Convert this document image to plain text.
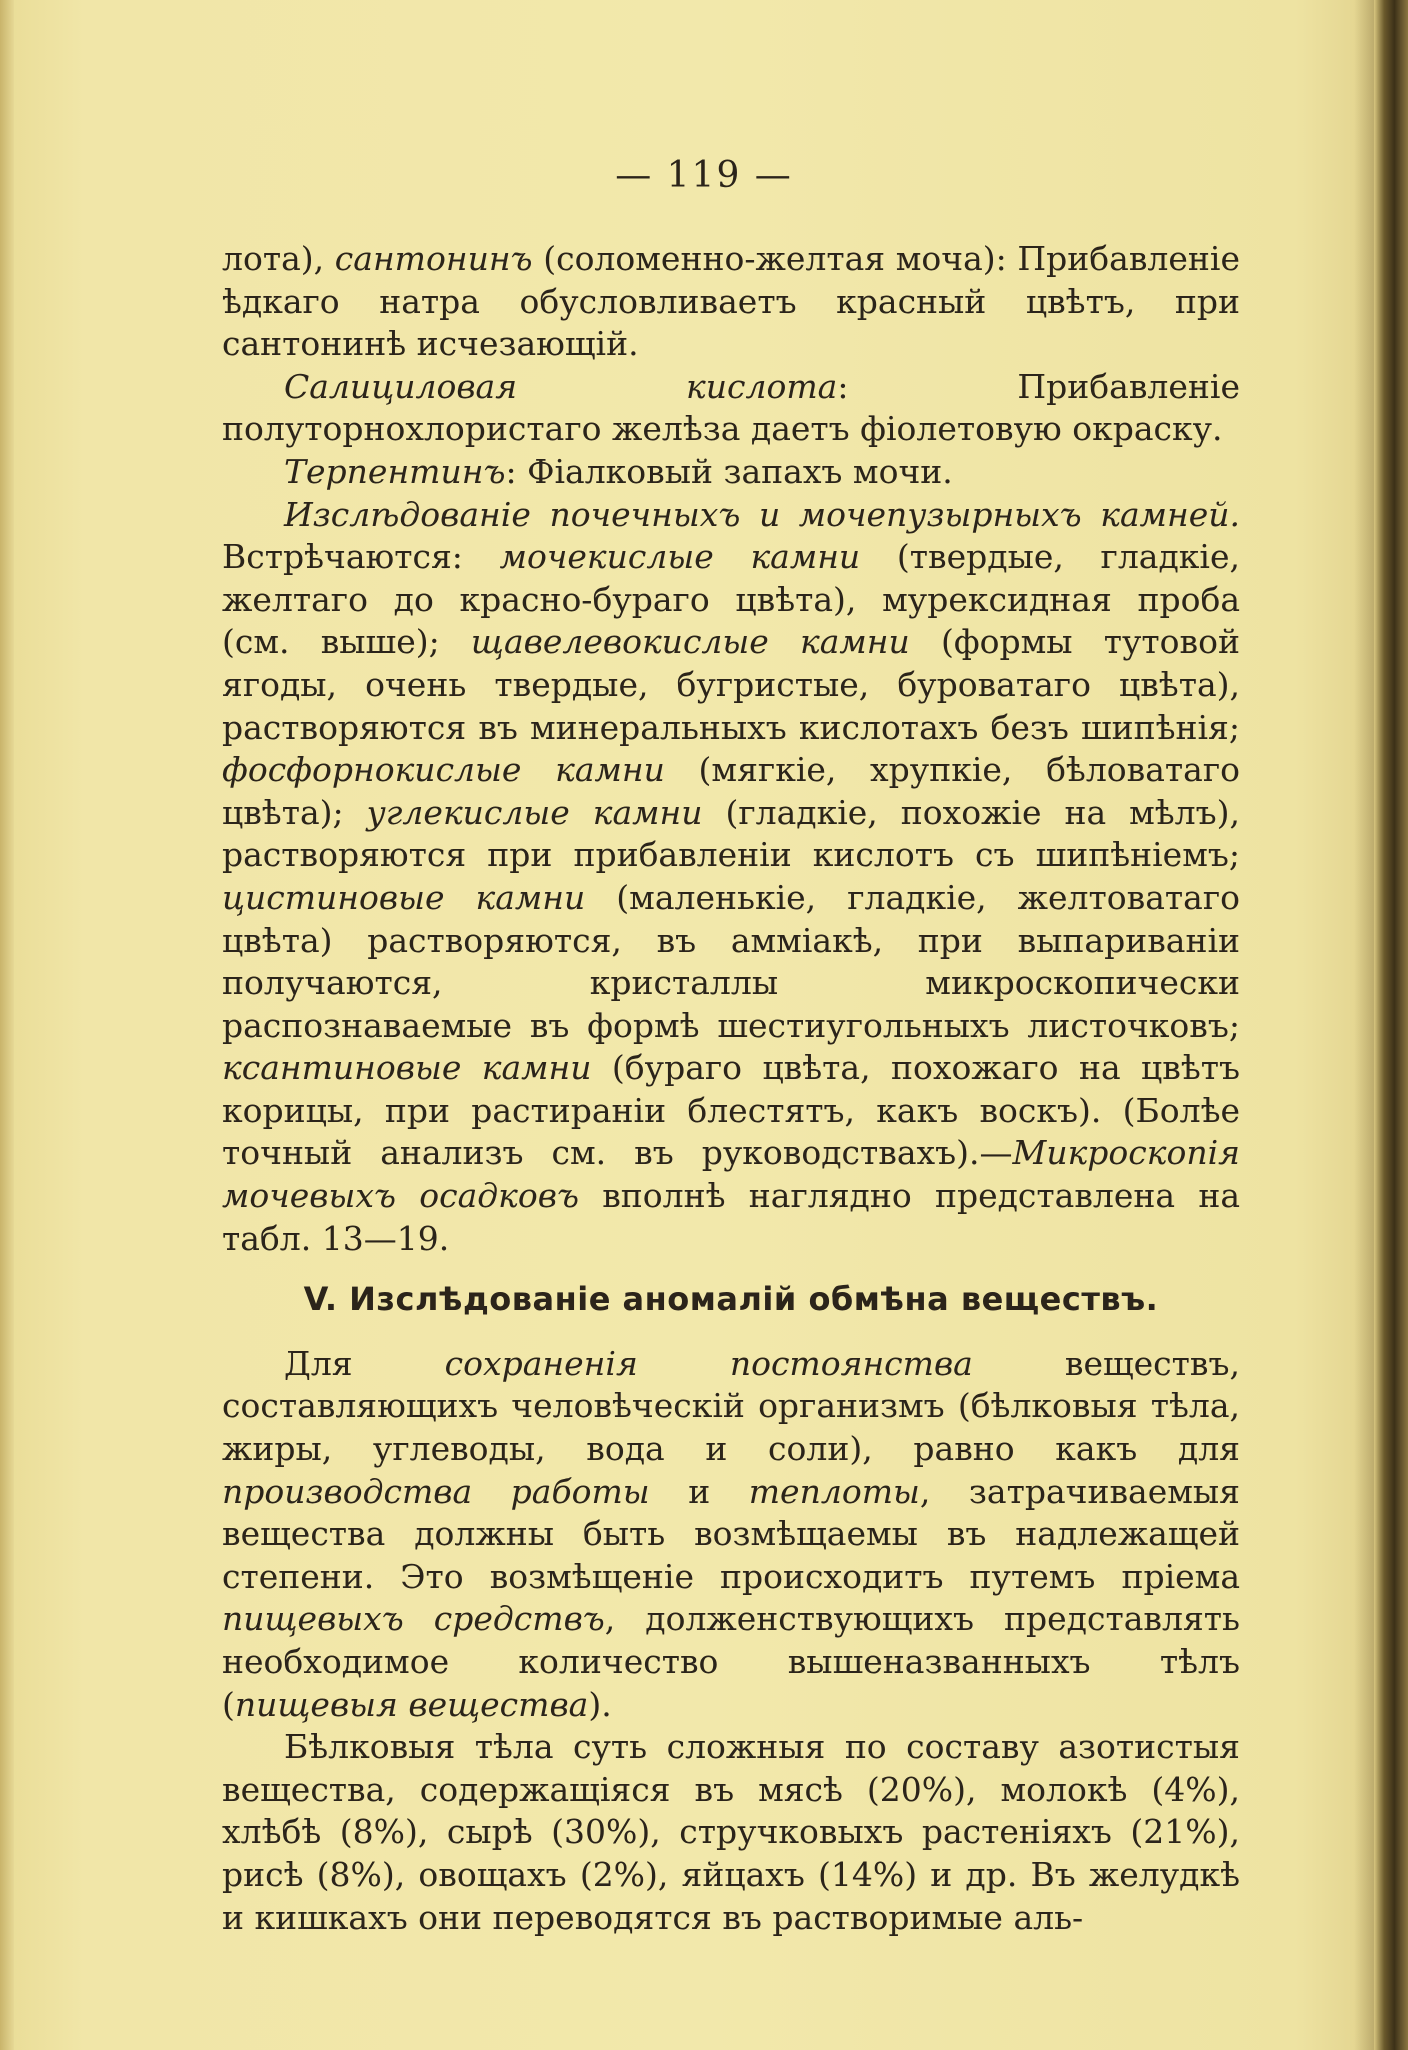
— 119 —

лота), сантонинъ (соломенно-желтая моча): Прибавленіе ѣдкаго натра обусловливаетъ красный цвѣтъ, при сантонинѣ исчезающій.

Салициловая кислота: Прибавленіе полуторнохлористаго желѣза даетъ фіолетовую окраску.

Терпентинъ: Фіалковый запахъ мочи.

Изслѣдованіе почечныхъ и мочепузырныхъ камней. Встрѣчаются: мочекислые камни (твердые, гладкіе, желтаго до красно-бураго цвѣта), мурексидная проба (см. выше); щавелевокислые камни (формы тутовой ягоды, очень твердые, бугристые, буроватаго цвѣта), растворяются въ минеральныхъ кислотахъ безъ шипѣнія; фосфорнокислые камни (мягкіе, хрупкіе, бѣловатаго цвѣта); углекислые камни (гладкіе, похожіе на мѣлъ), растворяются при прибавленіи кислотъ съ шипѣніемъ; цистиновые камни (маленькіе, гладкіе, желтоватаго цвѣта) растворяются, въ амміакѣ, при выпариваніи получаются, кристаллы микроскопически распознаваемые въ формѣ шестиугольныхъ листочковъ; ксантиновые камни (бураго цвѣта, похожаго на цвѣтъ корицы, при растираніи блестятъ, какъ воскъ). (Болѣе точный анализъ см. въ руководствахъ).—Микроскопія мочевыхъ осадковъ вполнѣ наглядно представлена на табл. 13—19.

V. Изслѣдованіе аномалій обмѣна веществъ.

Для сохраненія постоянства веществъ, составляющихъ человѣческій организмъ (бѣлковыя тѣла, жиры, углеводы, вода и соли), равно какъ для производства работы и теплоты, затрачиваемыя вещества должны быть возмѣщаемы въ надлежащей степени. Это возмѣщеніе происходитъ путемъ пріема пищевыхъ средствъ, долженствующихъ представлять необходимое количество вышеназванныхъ тѣлъ (пищевыя вещества).

Бѣлковыя тѣла суть сложныя по составу азотистыя вещества, содержащіяся въ мясѣ (20%), молокѣ (4%), хлѣбѣ (8%), сырѣ (30%), стручковыхъ растеніяхъ (21%), рисѣ (8%), овощахъ (2%), яйцахъ (14%) и др. Въ желудкѣ и кишкахъ они переводятся въ растворимые аль-
